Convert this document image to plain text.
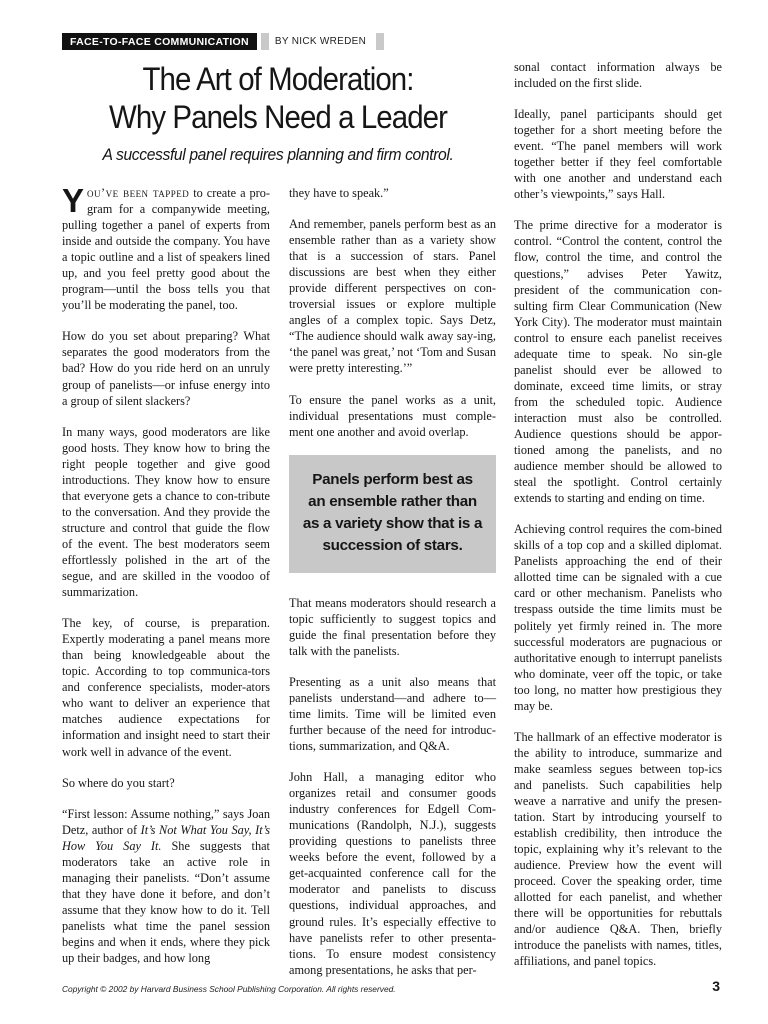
FACE-TO-FACE COMMUNICATION	BY NICK WREDEN
The Art of Moderation:
Why Panels Need a Leader
A successful panel requires planning and firm control.

You’ve been tapped to create a pro-gram for a companywide meeting, pulling together a panel of experts from inside and outside the company. You have a topic outline and a list of speakers lined up, and you feel pretty good about the program—until the boss tells you that you’ll be moderating the panel, too.

How do you set about preparing? What separates the good moderators from the bad? How do you ride herd on an unruly group of panelists—or infuse energy into a group of silent slackers?

In many ways, good moderators are like good hosts. They know how to bring the right people together and give good introductions. They know how to ensure that everyone gets a chance to con-tribute to the conversation. And they provide the structure and control that guide the flow of the event. The best moderators seem effortlessly polished in the art of the segue, and are skilled in the voodoo of summarization.

The key, of course, is preparation. Expertly moderating a panel means more than being knowledgeable about the topic. According to top communica-tors and conference specialists, moder-ators who want to deliver an experience that matches audience expectations for information and insight need to start their work well in advance of the event.

So where do you start?

“First lesson: Assume nothing,” says Joan Detz, author of It’s Not What You Say, It’s How You Say It. She suggests that moderators take an active role in managing their panelists. “Don’t assume that they have done it before, and don’t assume that they know how to do it. Tell panelists what time the panel session begins and when it ends, where they pick up their badges, and how long

they have to speak.”

And remember, panels perform best as an ensemble rather than as a variety show that is a succession of stars. Panel discussions are best when they either provide different perspectives on con-troversial issues or explore multiple angles of a complex topic. Says Detz, “The audience should walk away say-ing, ‘the panel was great,’ not ‘Tom and Susan were pretty interesting.’”

To ensure the panel works as a unit, individual presentations must comple-ment one another and avoid overlap.

Panels perform best as
an ensemble rather than
as a variety show that is a
succession of stars.

That means moderators should research a topic sufficiently to suggest topics and guide the final presentation before they talk with the panelists.

Presenting as a unit also means that panelists understand—and adhere to— time limits. Time will be limited even further because of the need for introduc-tions, summarization, and Q&A.

John Hall, a managing editor who organizes retail and consumer goods industry conferences for Edgell Com-munications (Randolph, N.J.), suggests providing questions to panelists three weeks before the event, followed by a get-acquainted conference call for the moderator and panelists to discuss questions, individual approaches, and ground rules. It’s especially effective to have panelists refer to other presenta-tions. To ensure modest consistency among presentations, he asks that per-

sonal contact information always be included on the first slide.

Ideally, panel participants should get together for a short meeting before the event. “The panel members will work together better if they feel comfortable with one another and understand each other’s viewpoints,” says Hall.

The prime directive for a moderator is control. “Control the content, control the flow, control the time, and control the questions,” advises Peter Yawitz, president of the communication con-sulting firm Clear Communication (New York City). The moderator must maintain control to ensure each panelist receives adequate time to speak. No sin-gle panelist should ever be allowed to dominate, exceed time limits, or stray from the scheduled topic. Audience interaction must also be controlled. Audience questions should be appor-tioned among the panelists, and no audience member should be allowed to steal the spotlight. Control certainly extends to starting and ending on time.

Achieving control requires the com-bined skills of a top cop and a skilled diplomat. Panelists approaching the end of their allotted time can be signaled with a cue card or other mechanism. Panelists who trespass outside the time limits must be politely yet firmly reined in. The more successful moderators are pugnacious or authoritative enough to interrupt panelists who dominate, veer off the topic, or take too long, no matter how prestigious they may be.

The hallmark of an effective moderator is the ability to introduce, summarize and make seamless segues between top-ics and panelists. Such capabilities help weave a narrative and unify the presen-tation. Start by introducing yourself to establish credibility, then introduce the topic, explaining why it’s relevant to the audience. Preview how the event will proceed. Cover the speaking order, time allotted for each panelist, and whether there will be opportunities for rebuttals and/or audience Q&A. Then, briefly introduce the panelists with names, titles, affiliations, and panel topics.

Copyright © 2002 by Harvard Business School Publishing Corporation. All rights reserved.	3
